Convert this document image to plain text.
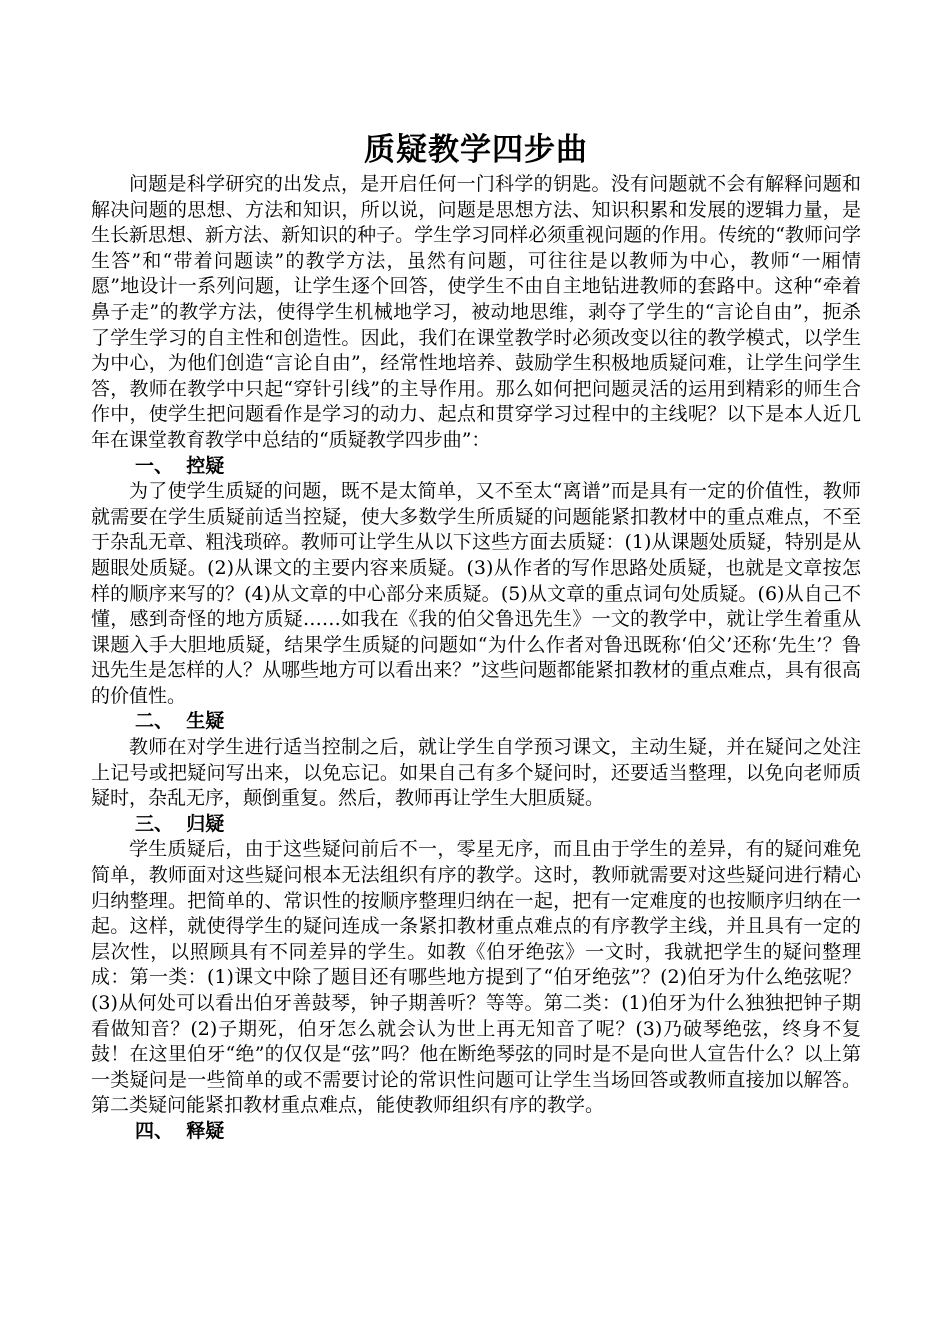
质疑教学四步曲

问题是科学研究的出发点，是开启任何一门科学的钥匙。没有问题就不会有解释问题和解决问题的思想、方法和知识，所以说，问题是思想方法、知识积累和发展的逻辑力量，是生长新思想、新方法、新知识的种子。学生学习同样必须重视问题的作用。传统的“教师问学生答”和“带着问题读”的教学方法，虽然有问题，可往往是以教师为中心，教师“一厢情愿”地设计一系列问题，让学生逐个回答，使学生不由自主地钻进教师的套路中。这种“牵着鼻子走”的教学方法，使得学生机械地学习，被动地思维，剥夺了学生的“言论自由”，扼杀了学生学习的自主性和创造性。因此，我们在课堂教学时必须改变以往的教学模式，以学生为中心，为他们创造“言论自由”，经常性地培养、鼓励学生积极地质疑问难，让学生问学生答，教师在教学中只起“穿针引线”的主导作用。那么如何把问题灵活的运用到精彩的师生合作中，使学生把问题看作是学习的动力、起点和贯穿学习过程中的主线呢？以下是本人近几年在课堂教育教学中总结的“质疑教学四步曲”：

一、  控疑

为了使学生质疑的问题，既不是太简单，又不至太“离谱”而是具有一定的价值性，教师就需要在学生质疑前适当控疑，使大多数学生所质疑的问题能紧扣教材中的重点难点，不至于杂乱无章、粗浅琐碎。教师可让学生从以下这些方面去质疑：(1)从课题处质疑，特别是从题眼处质疑。(2)从课文的主要内容来质疑。(3)从作者的写作思路处质疑，也就是文章按怎样的顺序来写的？(4)从文章的中心部分来质疑。(5)从文章的重点词句处质疑。(6)从自己不懂，感到奇怪的地方质疑……如我在《我的伯父鲁迅先生》一文的教学中，就让学生着重从课题入手大胆地质疑，结果学生质疑的问题如“为什么作者对鲁迅既称‘伯父’还称‘先生’？鲁迅先生是怎样的人？从哪些地方可以看出来？”这些问题都能紧扣教材的重点难点，具有很高的价值性。

二、  生疑

教师在对学生进行适当控制之后，就让学生自学预习课文，主动生疑，并在疑问之处注上记号或把疑问写出来，以免忘记。如果自己有多个疑问时，还要适当整理，以免向老师质疑时，杂乱无序，颠倒重复。然后，教师再让学生大胆质疑。

三、  归疑

学生质疑后，由于这些疑问前后不一，零星无序，而且由于学生的差异，有的疑问难免简单，教师面对这些疑问根本无法组织有序的教学。这时，教师就需要对这些疑问进行精心归纳整理。把简单的、常识性的按顺序整理归纳在一起，把有一定难度的也按顺序归纳在一起。这样，就使得学生的疑问连成一条紧扣教材重点难点的有序教学主线，并且具有一定的层次性，以照顾具有不同差异的学生。如教《伯牙绝弦》一文时，我就把学生的疑问整理成：第一类：(1)课文中除了题目还有哪些地方提到了“伯牙绝弦”？(2)伯牙为什么绝弦呢？(3)从何处可以看出伯牙善鼓琴，钟子期善听？等等。第二类：(1)伯牙为什么独独把钟子期看做知音？(2)子期死，伯牙怎么就会认为世上再无知音了呢？(3)乃破琴绝弦，终身不复鼓！在这里伯牙“绝”的仅仅是“弦”吗？他在断绝琴弦的同时是不是向世人宣告什么？以上第一类疑问是一些简单的或不需要讨论的常识性问题可让学生当场回答或教师直接加以解答。第二类疑问能紧扣教材重点难点，能使教师组织有序的教学。

四、  释疑
